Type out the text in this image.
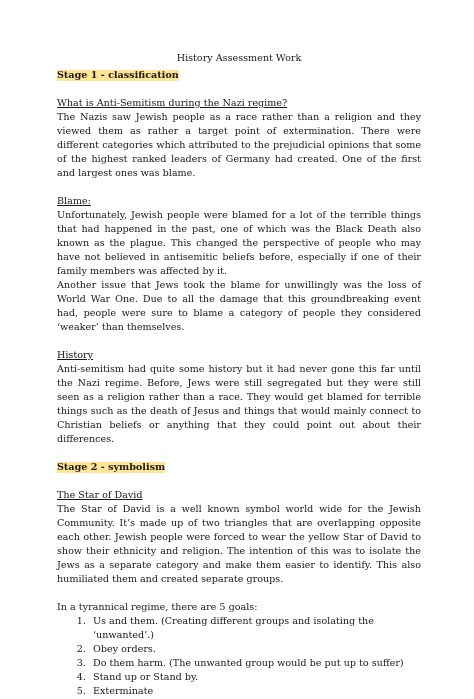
History Assessment Work
Stage 1 - classification
What is Anti-Semitism during the Nazi regime?

The Nazis saw Jewish people as a race rather than a religion and they viewed them as rather a target point of extermination. There were different categories which attributed to the prejudicial opinions that some of the highest ranked leaders of Germany had created. One of the first and largest ones was blame.

Blame:

Unfortunately, Jewish people were blamed for a lot of the terrible things that had happened in the past, one of which was the Black Death also known as the plague. This changed the perspective of people who may have not believed in antisemitic beliefs before, especially if one of their family members was affected by it.

Another issue that Jews took the blame for unwillingly was the loss of World War One. Due to all the damage that this groundbreaking event had, people were sure to blame a category of people they considered ‘weaker’ than themselves.

History

Anti-semitism had quite some history but it had never gone this far until the Nazi regime. Before, Jews were still segregated but they were still seen as a religion rather than a race. They would get blamed for terrible things such as the death of Jesus and things that would mainly connect to Christian beliefs or anything that they could point out about their differences.

Stage 2 - symbolism
The Star of David

The Star of David is a well known symbol world wide for the Jewish Community. It’s made up of two triangles that are overlapping opposite each other. Jewish people were forced to wear the yellow Star of David to show their ethnicity and religion. The intention of this was to isolate the Jews as a separate category and make them easier to identify. This also humiliated them and created separate groups.

In a tyrannical regime, there are 5 goals:

1. Us and them. (Creating different groups and isolating the ‘unwanted’.)
2. Obey orders.
3. Do them harm. (The unwanted group would be put up to suffer)
4. Stand up or Stand by.
5. Exterminate
